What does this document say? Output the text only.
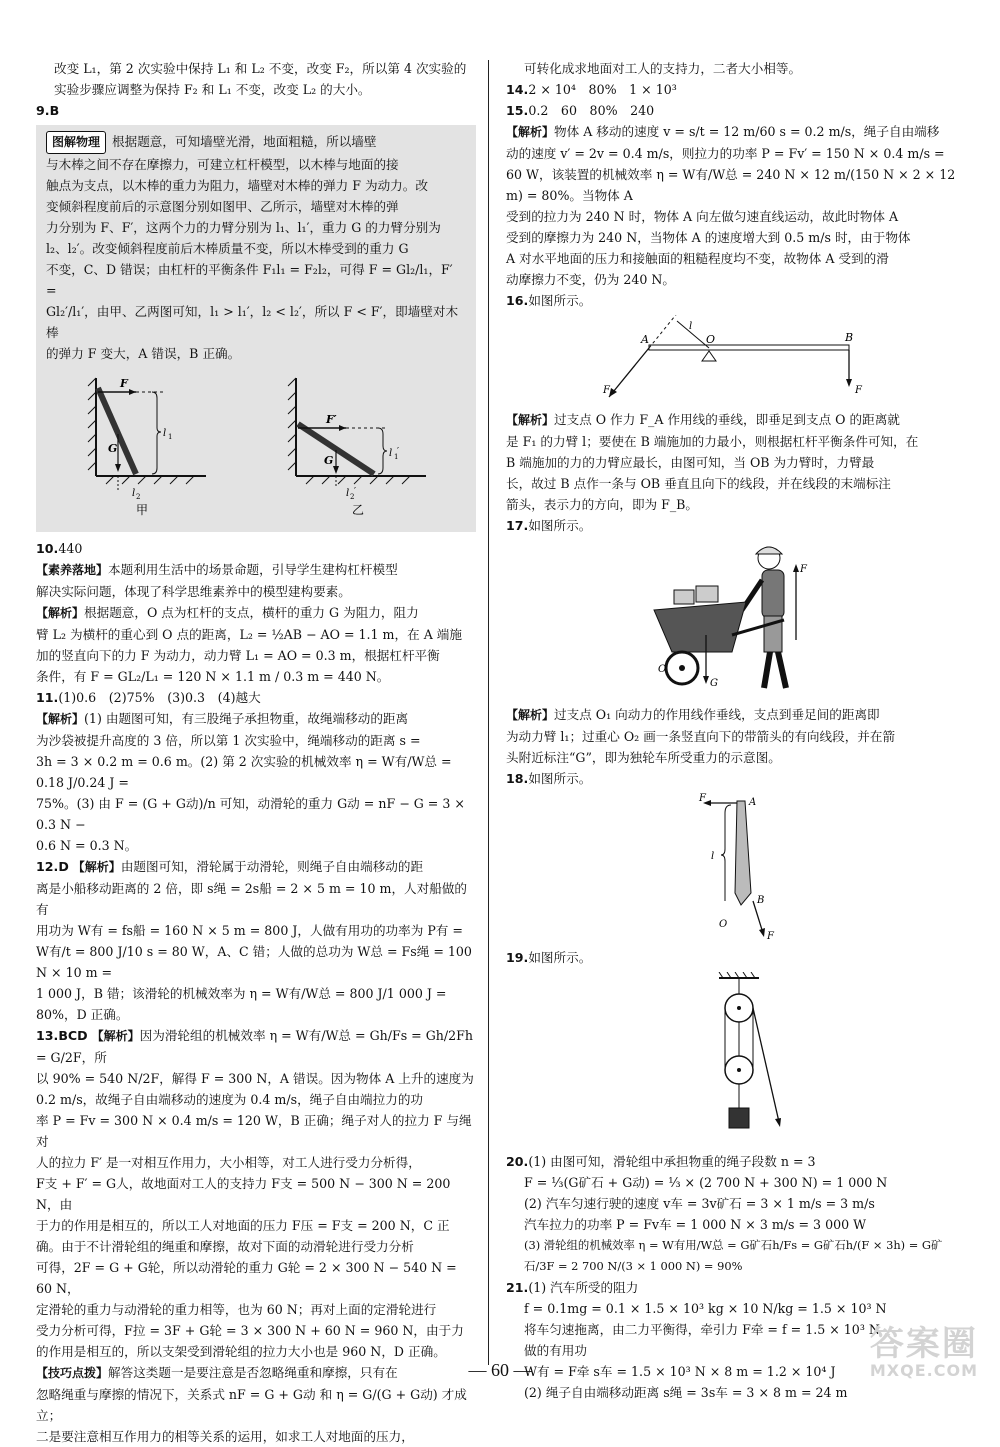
改变 L₁，第 2 次实验中保持 L₁ 和 L₂ 不变，改变 F₂，所以第 4 次实验的

实验步骤应调整为保持 F₂ 和 L₁ 不变，改变 L₂ 的大小。

9.B

图解物理 根据题意，可知墙壁光滑，地面粗糙，所以墙壁

与木棒之间不存在摩擦力，可建立杠杆模型，以木棒与地面的接

触点为支点，以木棒的重力为阻力，墙壁对木棒的弹力 F 为动力。改

变倾斜程度前后的示意图分别如图甲、乙所示，墙壁对木棒的弹

力分别为 F、F′，这两个力的力臂分别为 l₁、l₁′，重力 G 的力臂分别为

l₂、l₂′。改变倾斜程度前后木棒质量不变，所以木棒受到的重力 G

不变，C、D 错误；由杠杆的平衡条件 F₁l₁ = F₂l₂，可得 F = Gl₂/l₁，F′ =

Gl₂′/l₁′，由甲、乙两图可知，l₁ > l₁′，l₂ < l₂′，所以 F < F′，即墙壁对木棒

的弹力 F 变大，A 错误，B 正确。

F
l 1
G
l 2
甲
F′
l 1
′
G
l 2 ′
乙

10.440

【素养落地】本题利用生活中的场景命题，引导学生建构杠杆模型

解决实际问题，体现了科学思维素养中的模型建构要素。

【解析】根据题意，O 点为杠杆的支点，横杆的重力 G 为阻力，阻力

臂 L₂ 为横杆的重心到 O 点的距离，L₂ = ½AB − AO = 1.1 m，在 A 端施

加的竖直向下的力 F 为动力，动力臂 L₁ = AO = 0.3 m，根据杠杆平衡

条件，有 F = GL₂/L₁ = 120 N × 1.1 m / 0.3 m = 440 N。

11.(1)0.6　(2)75%　(3)0.3　(4)越大

【解析】(1) 由题图可知，有三股绳子承担物重，故绳端移动的距离

为沙袋被提升高度的 3 倍，所以第 1 次实验中，绳端移动的距离 s =

3h = 3 × 0.2 m = 0.6 m。(2) 第 2 次实验的机械效率 η = W有/W总 = 0.18 J/0.24 J =

75%。(3) 由 F = (G + G动)/n 可知，动滑轮的重力 G动 = nF − G = 3 × 0.3 N −

0.6 N = 0.3 N。

12.D 【解析】由题图可知，滑轮属于动滑轮，则绳子自由端移动的距

离是小船移动距离的 2 倍，即 s绳 = 2s船 = 2 × 5 m = 10 m，人对船做的有

用功为 W有 = fs船 = 160 N × 5 m = 800 J，人做有用功的功率为 P有 =

W有/t = 800 J/10 s = 80 W，A、C 错；人做的总功为 W总 = Fs绳 = 100 N × 10 m =

1 000 J，B 错；该滑轮的机械效率为 η = W有/W总 = 800 J/1 000 J = 80%，D 正确。

13.BCD 【解析】因为滑轮组的机械效率 η = W有/W总 = Gh/Fs = Gh/2Fh = G/2F，所

以 90% = 540 N/2F，解得 F = 300 N，A 错误。因为物体 A 上升的速度为

0.2 m/s，故绳子自由端移动的速度为 0.4 m/s，绳子自由端拉力的功

率 P = Fv = 300 N × 0.4 m/s = 120 W，B 正确；绳子对人的拉力 F 与绳对

人的拉力 F′ 是一对相互作用力，大小相等，对工人进行受力分析得，

F支 + F′ = G人，故地面对工人的支持力 F支 = 500 N − 300 N = 200 N，由

于力的作用是相互的，所以工人对地面的压力 F压 = F支 = 200 N，C 正

确。由于不计滑轮组的绳重和摩擦，故对下面的动滑轮进行受力分析

可得，2F = G + G轮，所以动滑轮的重力 G轮 = 2 × 300 N − 540 N = 60 N，

定滑轮的重力与动滑轮的重力相等，也为 60 N；再对上面的定滑轮进行

受力分析可得，F拉 = 3F + G轮 = 3 × 300 N + 60 N = 960 N，由于力

的作用是相互的，所以支架受到滑轮组的拉力大小也是 960 N，D 正确。

【技巧点拨】解答这类题一是要注意是否忽略绳重和摩擦，只有在

忽略绳重与摩擦的情况下，关系式 nF = G + G动 和 η = G/(G + G动) 才成立；

二是要注意相互作用力的相等关系的运用，如求工人对地面的压力，

可转化成求地面对工人的支持力，二者大小相等。

14.2 × 10⁴　80%　1 × 10³

15.0.2　60　80%　240

【解析】物体 A 移动的速度 v = s/t = 12 m/60 s = 0.2 m/s，绳子自由端移

动的速度 v′ = 2v = 0.4 m/s，则拉力的功率 P = Fv′ = 150 N × 0.4 m/s =

60 W，该装置的机械效率 η = W有/W总 = 240 N × 12 m/(150 N × 2 × 12 m) = 80%。当物体 A

受到的拉力为 240 N 时，物体 A 向左做匀速直线运动，故此时物体 A

受到的摩擦力为 240 N，当物体 A 的速度增大到 0.5 m/s 时，由于物体

A 对水平地面的压力和接触面的粗糙程度均不变，故物体 A 受到的滑

动摩擦力不变，仍为 240 N。

16.如图所示。

A	O	B
l
F	F

【解析】过支点 O 作力 F_A 作用线的垂线，即垂足到支点 O 的距离就

是 F₁ 的力臂 l；要使在 B 端施加的力最小，则根据杠杆平衡条件可知，在

B 端施加的力的力臂应最长，由图可知，当 OB 为力臂时，力臂最

长，故过 B 点作一条与 OB 垂直且向下的线段，并在线段的末端标注

箭头，表示力的方向，即为 F_B。

17.如图所示。

G
F
O

【解析】过支点 O₁ 向动力的作用线作垂线，支点到垂足间的距离即

为动力臂 l₁；过重心 O₂ 画一条竖直向下的带箭头的有向线段，并在箭

头附近标注“G”，即为独轮车所受重力的示意图。

18.如图所示。

F	A
O
B
l
F

19.如图所示。

20.(1) 由图可知，滑轮组中承担物重的绳子段数 n = 3

F = ⅓(G矿石 + G动) = ⅓ × (2 700 N + 300 N) = 1 000 N

(2) 汽车匀速行驶的速度 v车 = 3v矿石 = 3 × 1 m/s = 3 m/s

汽车拉力的功率 P = Fv车 = 1 000 N × 3 m/s = 3 000 W

(3) 滑轮组的机械效率 η = W有用/W总 = G矿石h/Fs = G矿石h/(F × 3h) = G矿石/3F = 2 700 N/(3 × 1 000 N) = 90%

21.(1) 汽车所受的阻力

f = 0.1mg = 0.1 × 1.5 × 10³ kg × 10 N/kg = 1.5 × 10³ N

将车匀速拖离，由二力平衡得，牵引力 F牵 = f = 1.5 × 10³ N

做的有用功

W有 = F牵 s车 = 1.5 × 10³ N × 8 m = 1.2 × 10⁴ J

(2) 绳子自由端移动距离 s绳 = 3s车 = 3 × 8 m = 24 m

— 60 —
答案圈
MXQE.COM
